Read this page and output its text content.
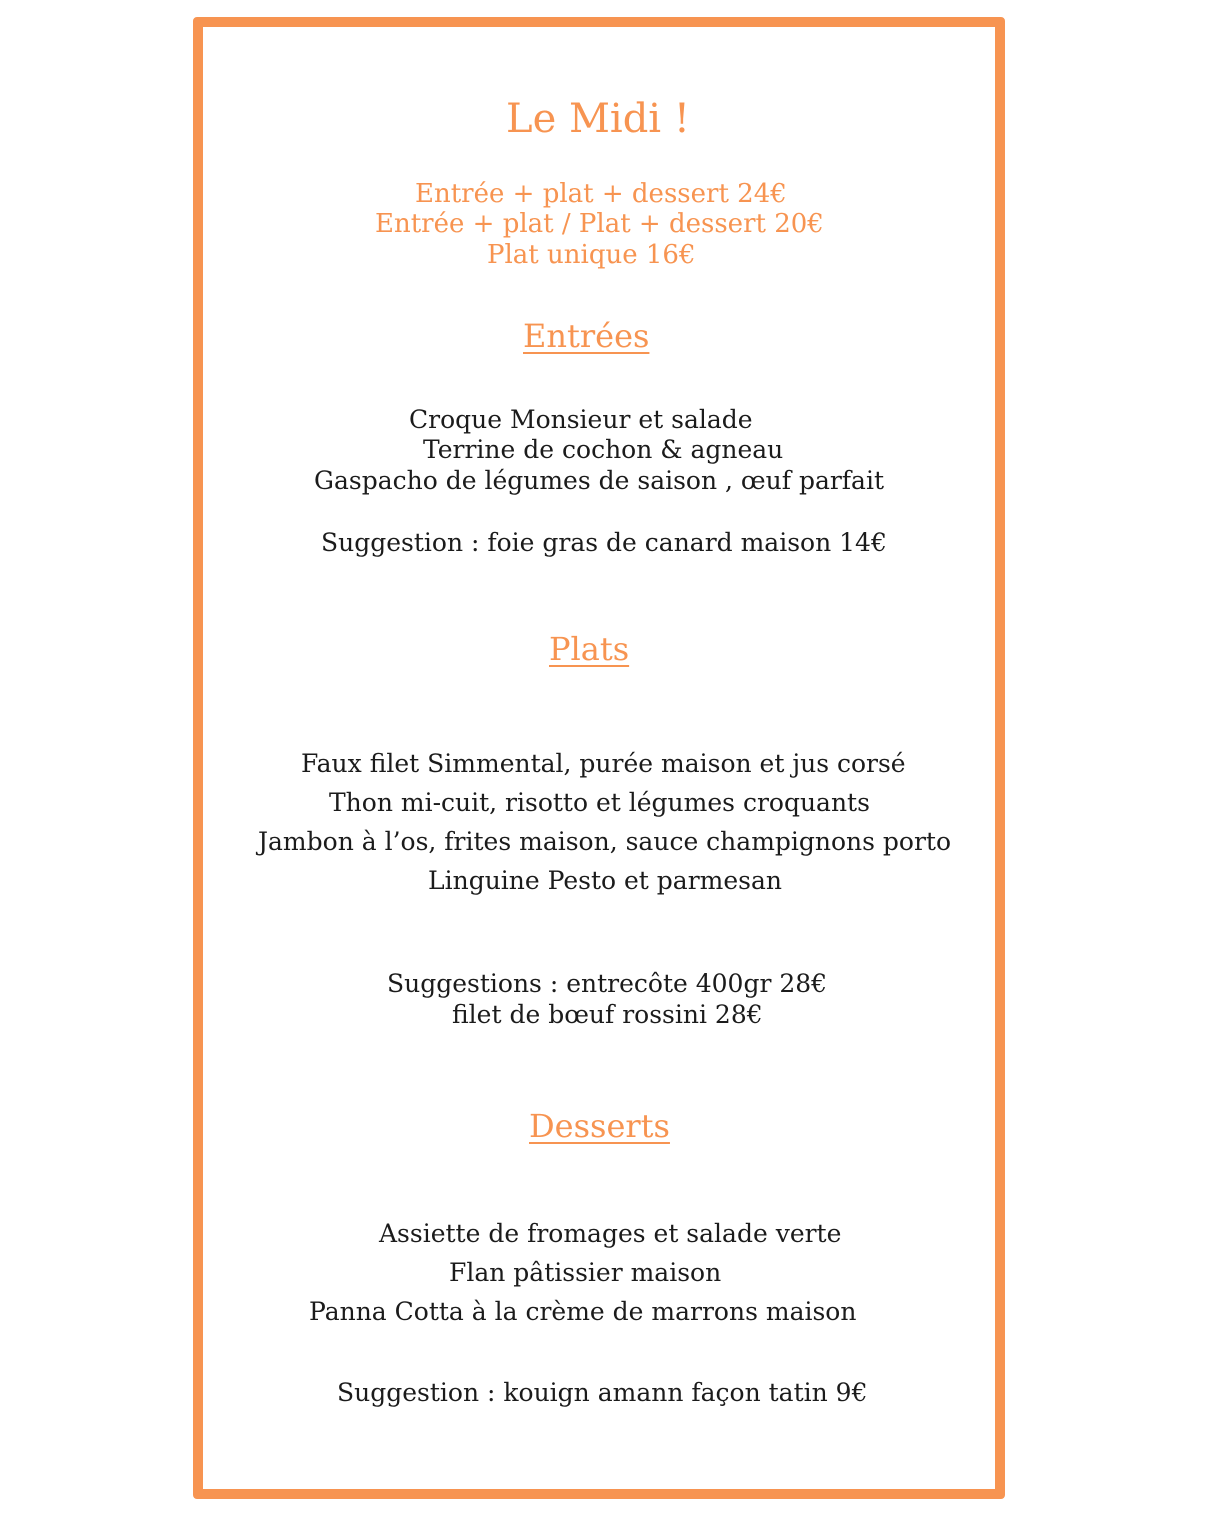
Le Midi !
Entrée + plat + dessert 24€
Entrée + plat / Plat + dessert 20€
Plat unique 16€
Entrées
Croque Monsieur et salade
Terrine de cochon & agneau
Gaspacho de légumes de saison , œuf parfait
Suggestion : foie gras de canard maison 14€
Plats
Faux filet Simmental, purée maison et jus corsé
Thon mi-cuit, risotto et légumes croquants
Jambon à l’os, frites maison, sauce champignons porto
Linguine Pesto et parmesan
Suggestions : entrecôte 400gr 28€
filet de bœuf rossini 28€
Desserts
Assiette de fromages et salade verte
Flan pâtissier maison
Panna Cotta à la crème de marrons maison
Suggestion : kouign amann façon tatin 9€
